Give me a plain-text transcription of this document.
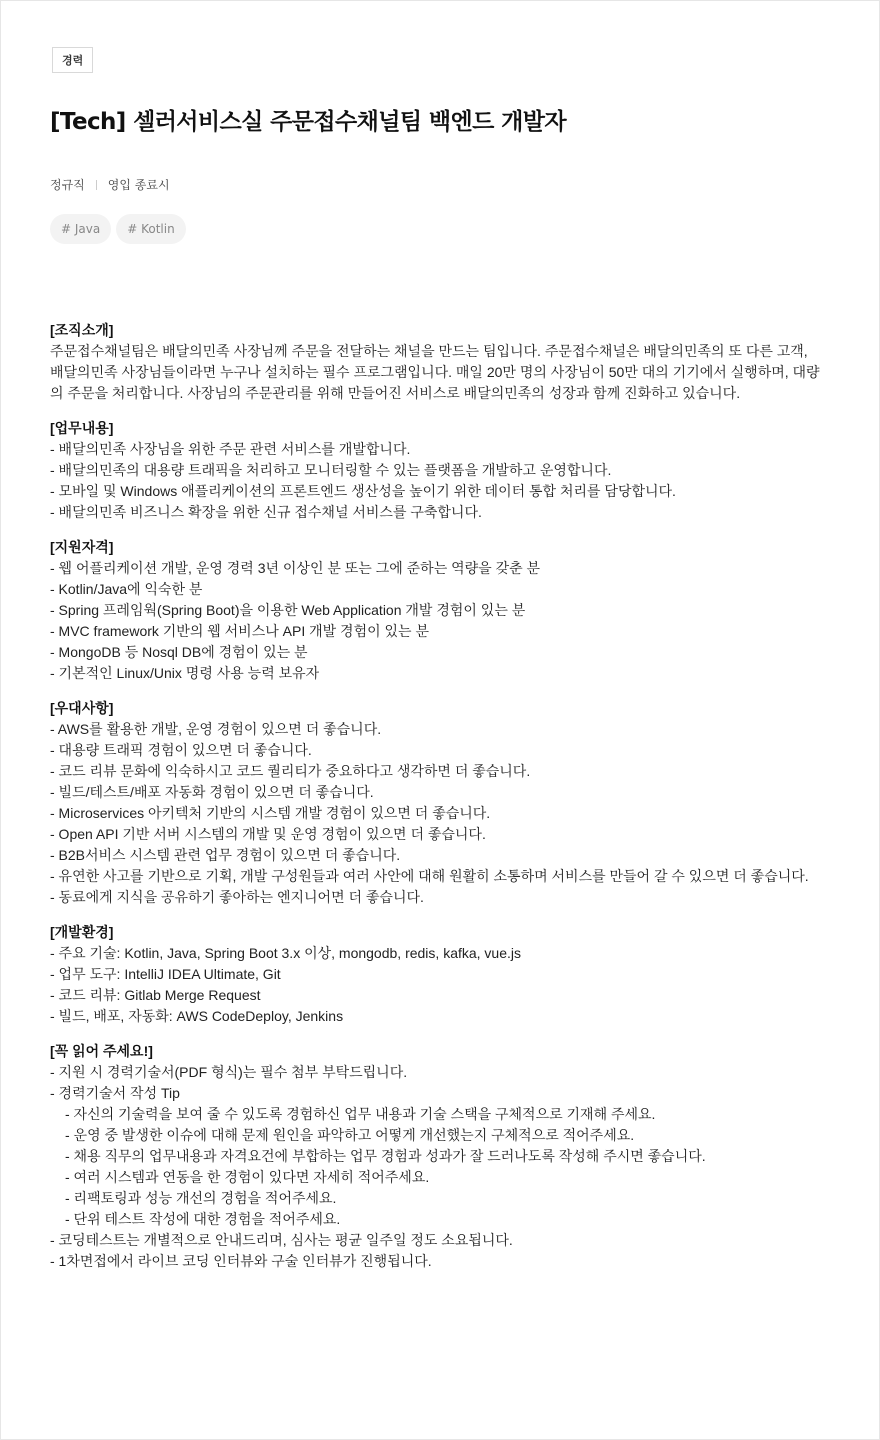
경력
[Tech] 셀러서비스실 주문접수채널팀 백엔드 개발자
정규직 영입 종료시
# Java	# Kotlin
[조직소개]

주문접수채널팀은 배달의민족 사장님께 주문을 전달하는 채널을 만드는 팀입니다. 주문접수채널은 배달의민족의 또 다른 고객, 배달의민족 사장님들이라면 누구나 설치하는 필수 프로그램입니다. 매일 20만 명의 사장님이 50만 대의 기기에서 실행하며, 대량의 주문을 처리합니다. 사장님의 주문관리를 위해 만들어진 서비스로 배달의민족의 성장과 함께 진화하고 있습니다.

[업무내용]
- 배달의민족 사장님을 위한 주문 관련 서비스를 개발합니다.
- 배달의민족의 대용량 트래픽을 처리하고 모니터링할 수 있는 플랫폼을 개발하고 운영합니다.
- 모바일 및 Windows 애플리케이션의 프론트엔드 생산성을 높이기 위한 데이터 통합 처리를 담당합니다.
- 배달의민족 비즈니스 확장을 위한 신규 접수채널 서비스를 구축합니다.
[지원자격]
- 웹 어플리케이션 개발, 운영 경력 3년 이상인 분 또는 그에 준하는 역량을 갖춘 분
- Kotlin/Java에 익숙한 분
- Spring 프레임웍(Spring Boot)을 이용한 Web Application 개발 경험이 있는 분
- MVC framework 기반의 웹 서비스나 API 개발 경험이 있는 분
- MongoDB 등 Nosql DB에 경험이 있는 분
- 기본적인 Linux/Unix 명령 사용 능력 보유자
[우대사항]
- AWS를 활용한 개발, 운영 경험이 있으면 더 좋습니다.
- 대용량 트래픽 경험이 있으면 더 좋습니다.
- 코드 리뷰 문화에 익숙하시고 코드 퀄리티가 중요하다고 생각하면 더 좋습니다.
- 빌드/테스트/배포 자동화 경험이 있으면 더 좋습니다.
- Microservices 아키텍처 기반의 시스템 개발 경험이 있으면 더 좋습니다.
- Open API 기반 서버 시스템의 개발 및 운영 경험이 있으면 더 좋습니다.
- B2B서비스 시스템 관련 업무 경험이 있으면 더 좋습니다.
- 유연한 사고를 기반으로 기획, 개발 구성원들과 여러 사안에 대해 원활히 소통하며 서비스를 만들어 갈 수 있으면 더 좋습니다.
- 동료에게 지식을 공유하기 좋아하는 엔지니어면 더 좋습니다.
[개발환경]
- 주요 기술: Kotlin, Java, Spring Boot 3.x 이상, mongodb, redis, kafka, vue.js
- 업무 도구: IntelliJ IDEA Ultimate, Git
- 코드 리뷰: Gitlab Merge Request
- 빌드, 배포, 자동화: AWS CodeDeploy, Jenkins
[꼭 읽어 주세요!]
- 지원 시 경력기술서(PDF 형식)는 필수 첨부 부탁드립니다.
- 경력기술서 작성 Tip
- 자신의 기술력을 보여 줄 수 있도록 경험하신 업무 내용과 기술 스택을 구체적으로 기재해 주세요.
- 운영 중 발생한 이슈에 대해 문제 원인을 파악하고 어떻게 개선했는지 구체적으로 적어주세요.
- 채용 직무의 업무내용과 자격요건에 부합하는 업무 경험과 성과가 잘 드러나도록 작성해 주시면 좋습니다.
- 여러 시스템과 연동을 한 경험이 있다면 자세히 적어주세요.
- 리팩토링과 성능 개선의 경험을 적어주세요.
- 단위 테스트 작성에 대한 경험을 적어주세요.
- 코딩테스트는 개별적으로 안내드리며, 심사는 평균 일주일 정도 소요됩니다.
- 1차면접에서 라이브 코딩 인터뷰와 구술 인터뷰가 진행됩니다.
